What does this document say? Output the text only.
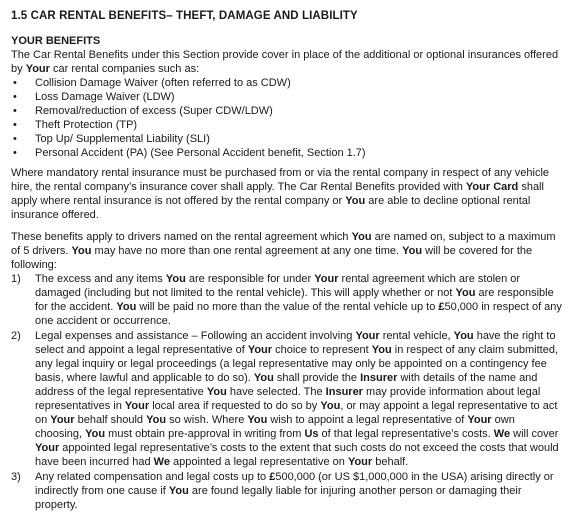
1.5 CAR RENTAL BENEFITS– THEFT, DAMAGE AND LIABILITY
YOUR BENEFITS

The Car Rental Benefits under this Section provide cover in place of the additional or optional insurances offered by Your car rental companies such as:

• Collision Damage Waiver (often referred to as CDW)
• Loss Damage Waiver (LDW)
• Removal/reduction of excess (Super CDW/LDW)
• Theft Protection (TP)
• Top Up/ Supplemental Liability (SLI)
• Personal Accident (PA) (See Personal Accident benefit, Section 1.7)

Where mandatory rental insurance must be purchased from or via the rental company in respect of any vehicle hire, the rental company’s insurance cover shall apply. The Car Rental Benefits provided with Your Card shall apply where rental insurance is not offered by the rental company or You are able to decline optional rental insurance offered.

These benefits apply to drivers named on the rental agreement which You are named on, subject to a maximum of 5 drivers. You may have no more than one rental agreement at any one time. You will be covered for the following:

1) The excess and any items You are responsible for under Your rental agreement which are stolen or damaged (including but not limited to the rental vehicle). This will apply whether or not You are responsible for the accident. You will be paid no more than the value of the rental vehicle up to £50,000 in respect of any one accident or occurrence.
2) Legal expenses and assistance – Following an accident involving Your rental vehicle, You have the right to select and appoint a legal representative of Your choice to represent You in respect of any claim submitted, any legal inquiry or legal proceedings (a legal representative may only be appointed on a contingency fee basis, where lawful and applicable to do so). You shall provide the Insurer with details of the name and address of the legal representative You have selected. The Insurer may provide information about legal representatives in Your local area if requested to do so by You, or may appoint a legal representative to act on Your behalf should You so wish. Where You wish to appoint a legal representative of Your own choosing, You must obtain pre-approval in writing from Us of that legal representative’s costs. We will cover Your appointed legal representative’s costs to the extent that such costs do not exceed the costs that would have been incurred had We appointed a legal representative on Your behalf.
3) Any related compensation and legal costs up to £500,000 (or US $1,000,000 in the USA) arising directly or indirectly from one cause if You are found legally liable for injuring another person or damaging their property.
